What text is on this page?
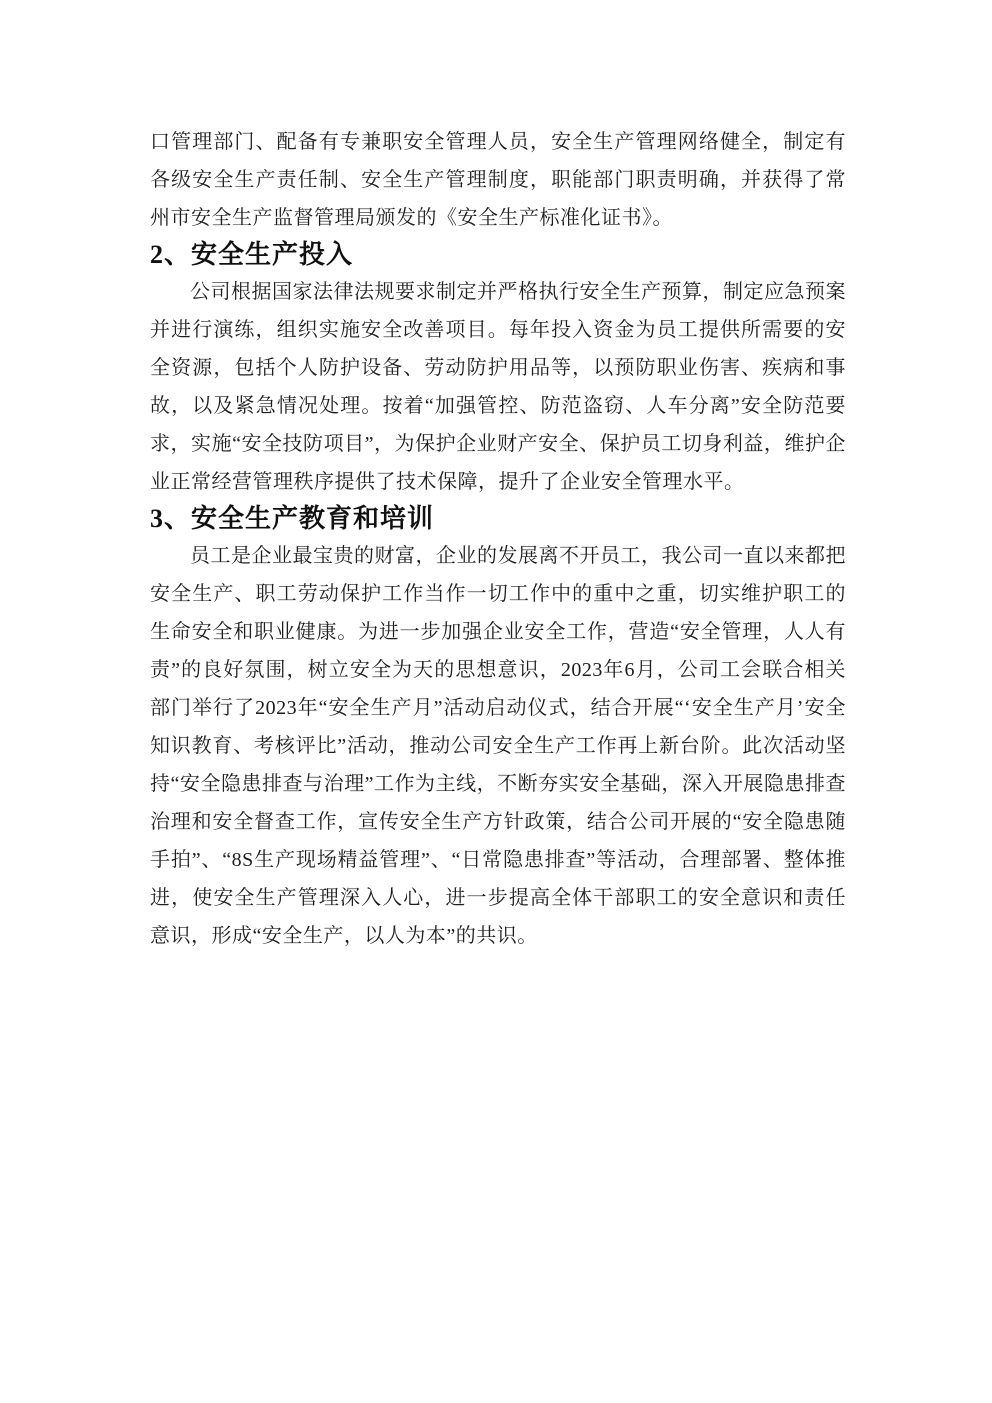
口管理部门、配备有专兼职安全管理人员，安全生产管理网络健全，制定有各级安全生产责任制、安全生产管理制度，职能部门职责明确，并获得了常州市安全生产监督管理局颁发的《安全生产标准化证书》。

2、安全生产投入

公司根据国家法律法规要求制定并严格执行安全生产预算，制定应急预案并进行演练，组织实施安全改善项目。每年投入资金为员工提供所需要的安全资源，包括个人防护设备、劳动防护用品等，以预防职业伤害、疾病和事故，以及紧急情况处理。按着“加强管控、防范盗窃、人车分离”安全防范要求，实施“安全技防项目”，为保护企业财产安全、保护员工切身利益，维护企业正常经营管理秩序提供了技术保障，提升了企业安全管理水平。

3、安全生产教育和培训

员工是企业最宝贵的财富，企业的发展离不开员工，我公司一直以来都把安全生产、职工劳动保护工作当作一切工作中的重中之重，切实维护职工的生命安全和职业健康。为进一步加强企业安全工作，营造“安全管理，人人有责”的良好氛围，树立安全为天的思想意识，2023年6月，公司工会联合相关部门举行了2023年“安全生产月”活动启动仪式，结合开展“‘安全生产月’安全知识教育、考核评比”活动，推动公司安全生产工作再上新台阶。此次活动坚持“安全隐患排查与治理”工作为主线，不断夯实安全基础，深入开展隐患排查治理和安全督查工作，宣传安全生产方针政策，结合公司开展的“安全隐患随手拍”、“8S生产现场精益管理”、“日常隐患排查”等活动，合理部署、整体推进，使安全生产管理深入人心，进一步提高全体干部职工的安全意识和责任意识，形成“安全生产，以人为本”的共识。
